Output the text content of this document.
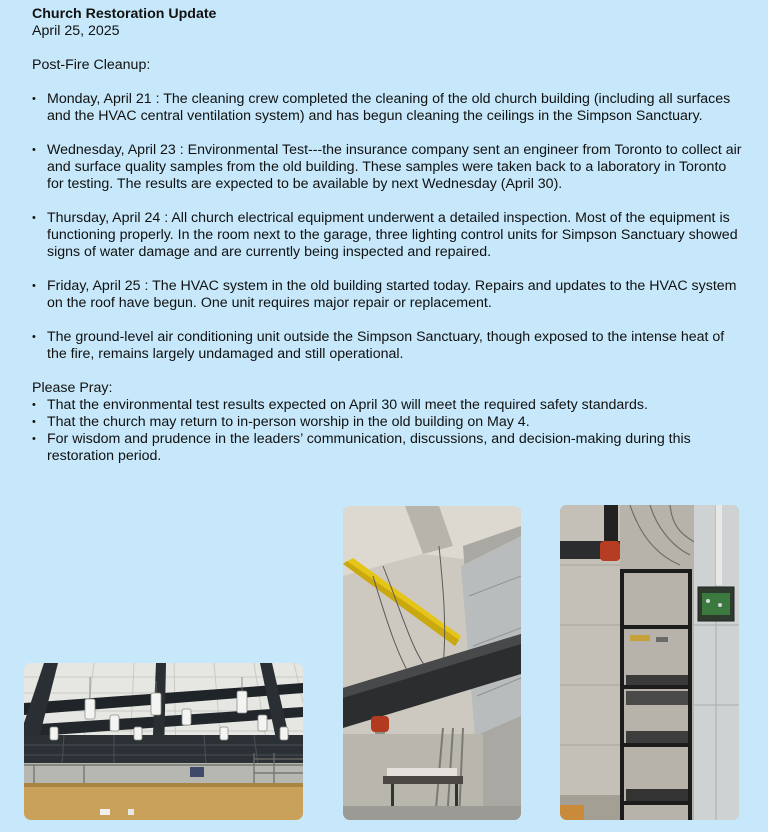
Church Restoration Update
April 25, 2025
Post-Fire Cleanup:
• Monday, April 21 : The cleaning crew completed the cleaning of the old church building (including all surfaces and the HVAC central ventilation system) and has begun cleaning the ceilings in the Simpson Sanctuary.
• Wednesday, April 23 : Environmental Test---the insurance company sent an engineer from Toronto to collect air and surface quality samples from the old building. These samples were taken back to a laboratory in Toronto for testing. The results are expected to be available by next Wednesday (April 30).
• Thursday, April 24 : All church electrical equipment underwent a detailed inspection. Most of the equipment is functioning properly. In the room next to the garage, three lighting control units for Simpson Sanctuary showed signs of water damage and are currently being inspected and repaired.
• Friday, April 25 : The HVAC system in the old building started today. Repairs and updates to the HVAC system on the roof have begun. One unit requires major repair or replacement.
• The ground-level air conditioning unit outside the Simpson Sanctuary, though exposed to the intense heat of the fire, remains largely undamaged and still operational.
Please Pray:
• That the environmental test results expected on April 30 will meet the required safety standards.
• That the church may return to in-person worship in the old building on May 4.
• For wisdom and prudence in the leaders’ communication, discussions, and decision-making during this restoration period.
